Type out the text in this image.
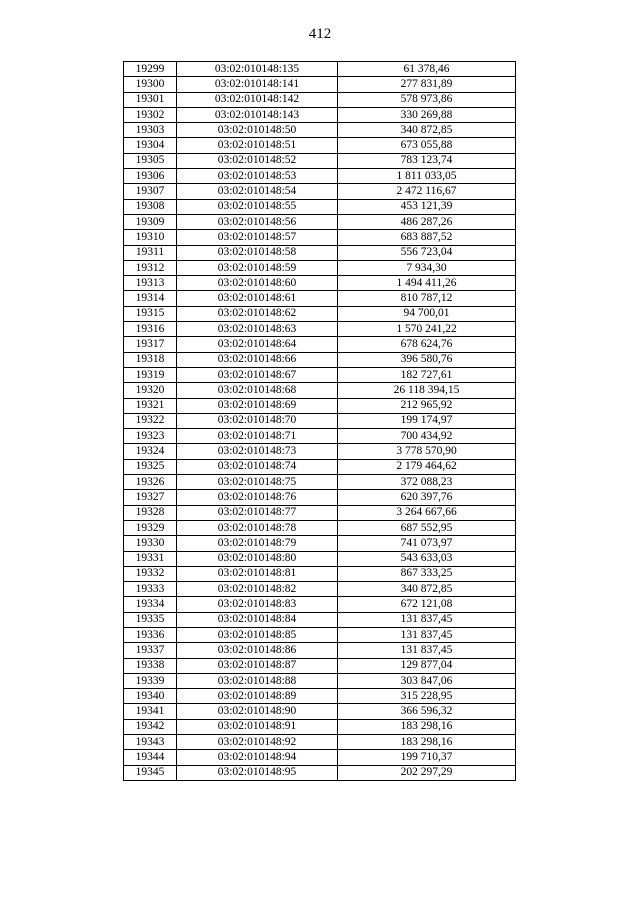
412
19299	03:02:010148:135	61 378,46
19300	03:02:010148:141	277 831,89
19301	03:02:010148:142	578 973,86
19302	03:02:010148:143	330 269,88
19303	03:02:010148:50	340 872,85
19304	03:02:010148:51	673 055,88
19305	03:02:010148:52	783 123,74
19306	03:02:010148:53	1 811 033,05
19307	03:02:010148:54	2 472 116,67
19308	03:02:010148:55	453 121,39
19309	03:02:010148:56	486 287,26
19310	03:02:010148:57	683 887,52
19311	03:02:010148:58	556 723,04
19312	03:02:010148:59	7 934,30
19313	03:02:010148:60	1 494 411,26
19314	03:02:010148:61	810 787,12
19315	03:02:010148:62	94 700,01
19316	03:02:010148:63	1 570 241,22
19317	03:02:010148:64	678 624,76
19318	03:02:010148:66	396 580,76
19319	03:02:010148:67	182 727,61
19320	03:02:010148:68	26 118 394,15
19321	03:02:010148:69	212 965,92
19322	03:02:010148:70	199 174,97
19323	03:02:010148:71	700 434,92
19324	03:02:010148:73	3 778 570,90
19325	03:02:010148:74	2 179 464,62
19326	03:02:010148:75	372 088,23
19327	03:02:010148:76	620 397,76
19328	03:02:010148:77	3 264 667,66
19329	03:02:010148:78	687 552,95
19330	03:02:010148:79	741 073,97
19331	03:02:010148:80	543 633,03
19332	03:02:010148:81	867 333,25
19333	03:02:010148:82	340 872,85
19334	03:02:010148:83	672 121,08
19335	03:02:010148:84	131 837,45
19336	03:02:010148:85	131 837,45
19337	03:02:010148:86	131 837,45
19338	03:02:010148:87	129 877,04
19339	03:02:010148:88	303 847,06
19340	03:02:010148:89	315 228,95
19341	03:02:010148:90	366 596,32
19342	03:02:010148:91	183 298,16
19343	03:02:010148:92	183 298,16
19344	03:02:010148:94	199 710,37
19345	03:02:010148:95	202 297,29
